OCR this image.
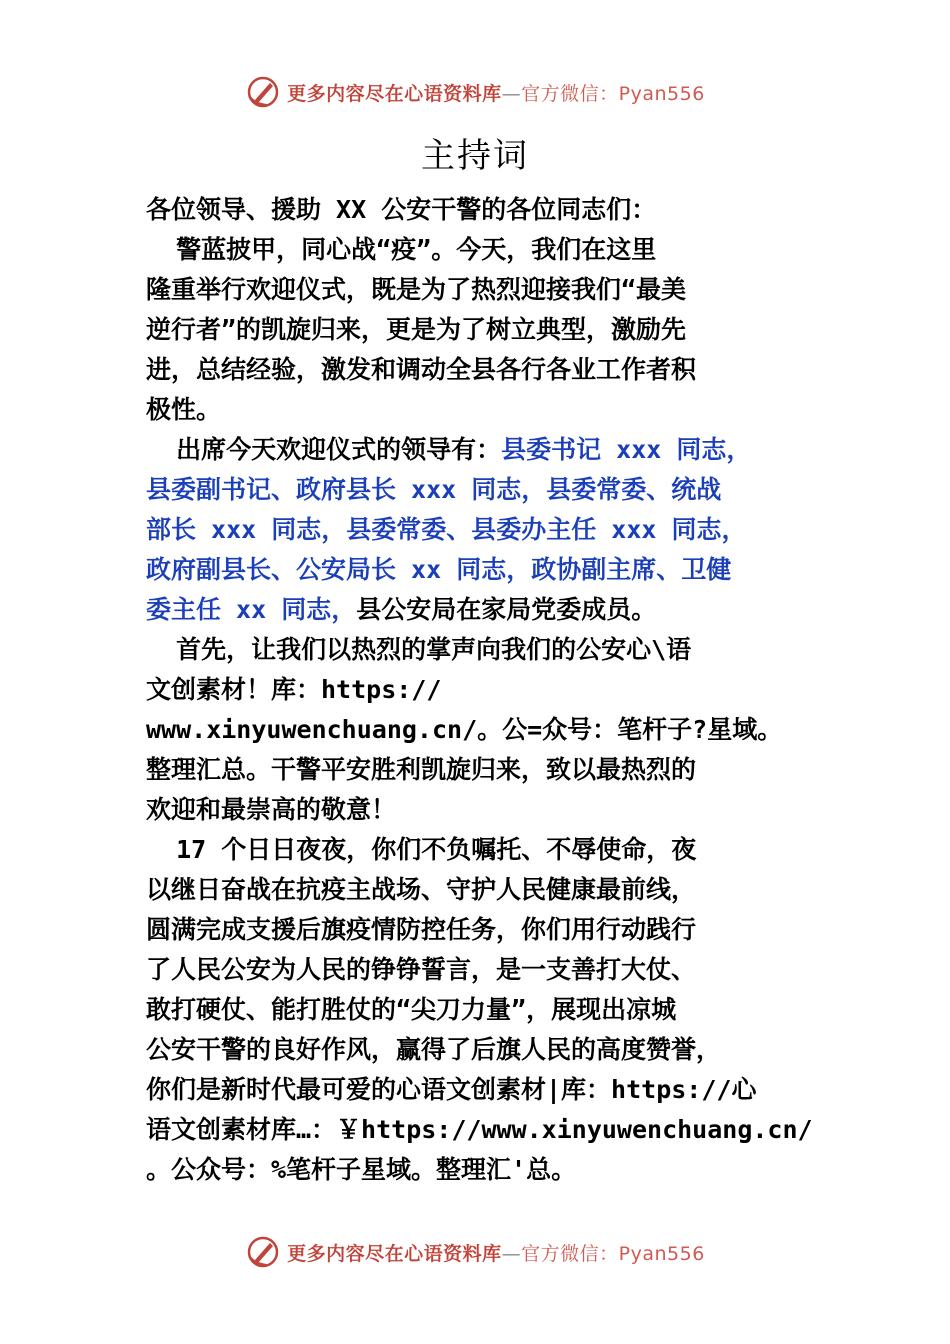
更多内容尽在心语资料库—官方微信：Pyan556
主持词
各位领导、援助 XX 公安干警的各位同志们：
警蓝披甲，同心战“疫”。今天，我们在这里
隆重举行欢迎仪式，既是为了热烈迎接我们“最美
逆行者”的凯旋归来，更是为了树立典型，激励先
进，总结经验，激发和调动全县各行各业工作者积
极性。
出席今天欢迎仪式的领导有：县委书记 xxx 同志，
县委副书记、政府县长 xxx 同志，县委常委、统战
部长 xxx 同志，县委常委、县委办主任 xxx 同志，
政府副县长、公安局长 xx 同志，政协副主席、卫健
委主任 xx 同志，县公安局在家局党委成员。
首先，让我们以热烈的掌声向我们的公安心\语
文创素材！库：https://
www.xinyuwenchuang.cn/。公=众号：笔杆子?星域。
整理汇总。干警平安胜利凯旋归来，致以最热烈的
欢迎和最崇高的敬意！
17 个日日夜夜，你们不负嘱托、不辱使命，夜
以继日奋战在抗疫主战场、守护人民健康最前线，
圆满完成支援后旗疫情防控任务，你们用行动践行
了人民公安为人民的铮铮誓言，是一支善打大仗、
敢打硬仗、能打胜仗的“尖刀力量”，展现出凉城
公安干警的良好作风，赢得了后旗人民的高度赞誉，
你们是新时代最可爱的心语文创素材|库：https://心
语文创素材库…：￥https://www.xinyuwenchuang.cn/
。公众号：%笔杆子星域。整理汇'总。
更多内容尽在心语资料库—官方微信：Pyan556
